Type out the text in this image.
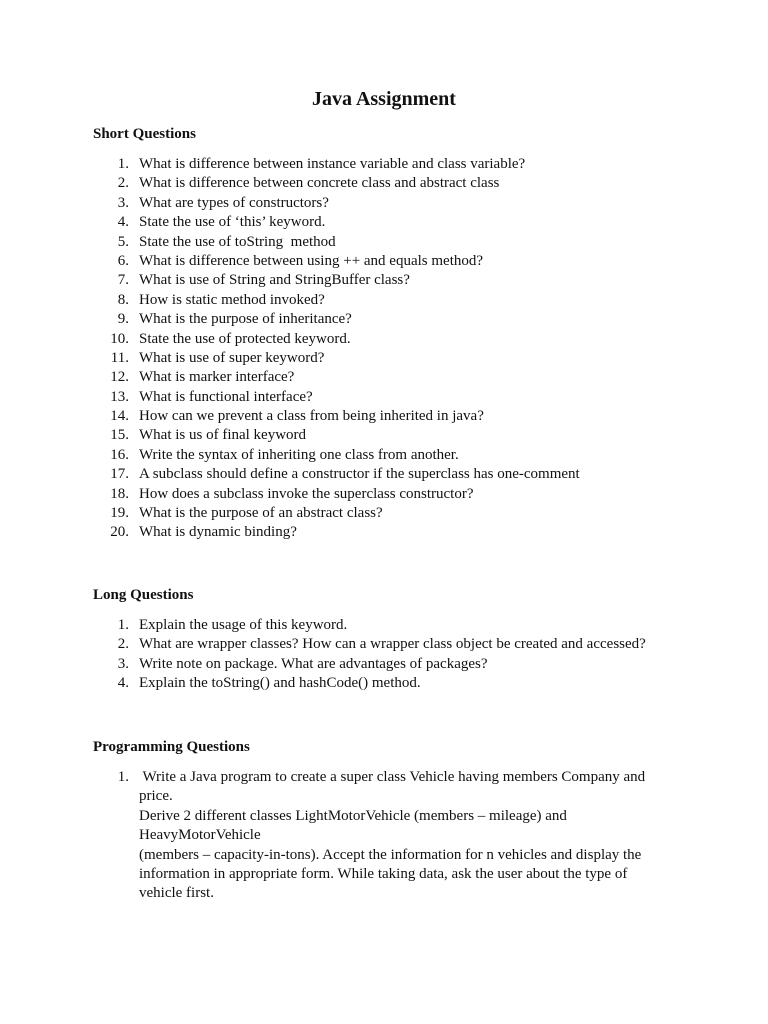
Java Assignment
Short Questions
1. What is difference between instance variable and class variable?
2. What is difference between concrete class and abstract class
3. What are types of constructors?
4. State the use of ‘this’ keyword.
5. State the use of toString  method
6. What is difference between using ++ and equals method?
7. What is use of String and StringBuffer class?
8. How is static method invoked?
9. What is the purpose of inheritance?
10. State the use of protected keyword.
11. What is use of super keyword?
12. What is marker interface?
13. What is functional interface?
14. How can we prevent a class from being inherited in java?
15. What is us of final keyword
16. Write the syntax of inheriting one class from another.
17. A subclass should define a constructor if the superclass has one-comment
18. How does a subclass invoke the superclass constructor?
19. What is the purpose of an abstract class?
20. What is dynamic binding?
Long Questions
1. Explain the usage of this keyword.
2. What are wrapper classes? How can a wrapper class object be created and accessed?
3. Write note on package. What are advantages of packages?
4. Explain the toString() and hashCode() method.
Programming Questions
1. Write a Java program to create a super class Vehicle having members Company and
price.
Derive 2 different classes LightMotorVehicle (members – mileage) and
HeavyMotorVehicle
(members – capacity-in-tons). Accept the information for n vehicles and display the
information in appropriate form. While taking data, ask the user about the type of
vehicle first.
